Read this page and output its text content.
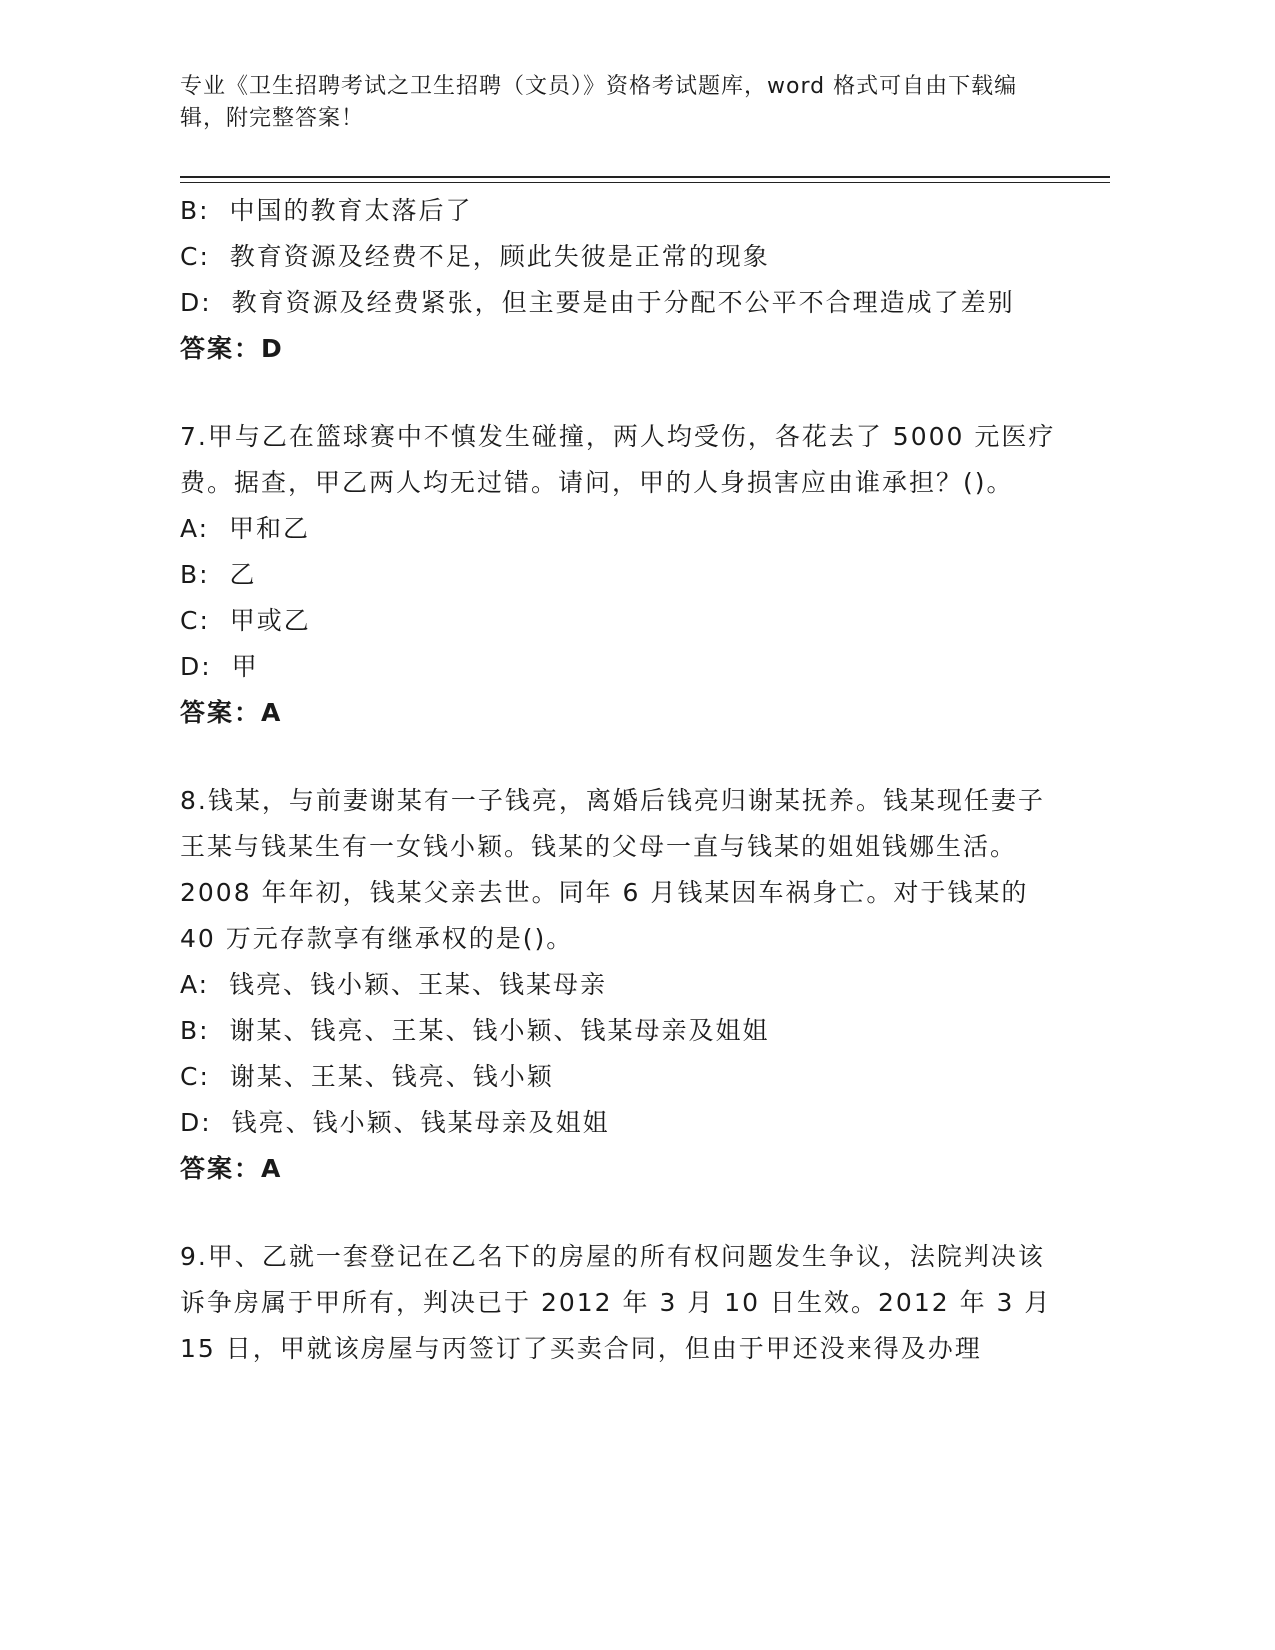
专业《卫生招聘考试之卫生招聘（文员）》资格考试题库，word 格式可自由下载编辑，附完整答案！
B: 中国的教育太落后了
C: 教育资源及经费不足，顾此失彼是正常的现象
D: 教育资源及经费紧张，但主要是由于分配不公平不合理造成了差别
答案：D

7.甲与乙在篮球赛中不慎发生碰撞，两人均受伤，各花去了 5000 元医疗费。据查，甲乙两人均无过错。请问，甲的人身损害应由谁承担？()。

A: 甲和乙
B: 乙
C: 甲或乙
D: 甲
答案：A

8.钱某，与前妻谢某有一子钱亮，离婚后钱亮归谢某抚养。钱某现任妻子王某与钱某生有一女钱小颖。钱某的父母一直与钱某的姐姐钱娜生活。2008 年年初，钱某父亲去世。同年 6 月钱某因车祸身亡。对于钱某的 40 万元存款享有继承权的是()。

A: 钱亮、钱小颖、王某、钱某母亲
B: 谢某、钱亮、王某、钱小颖、钱某母亲及姐姐
C: 谢某、王某、钱亮、钱小颖
D: 钱亮、钱小颖、钱某母亲及姐姐
答案：A

9.甲、乙就一套登记在乙名下的房屋的所有权问题发生争议，法院判决该诉争房属于甲所有，判决已于 2012 年 3 月 10 日生效。2012 年 3 月 15 日，甲就该房屋与丙签订了买卖合同，但由于甲还没来得及办理
